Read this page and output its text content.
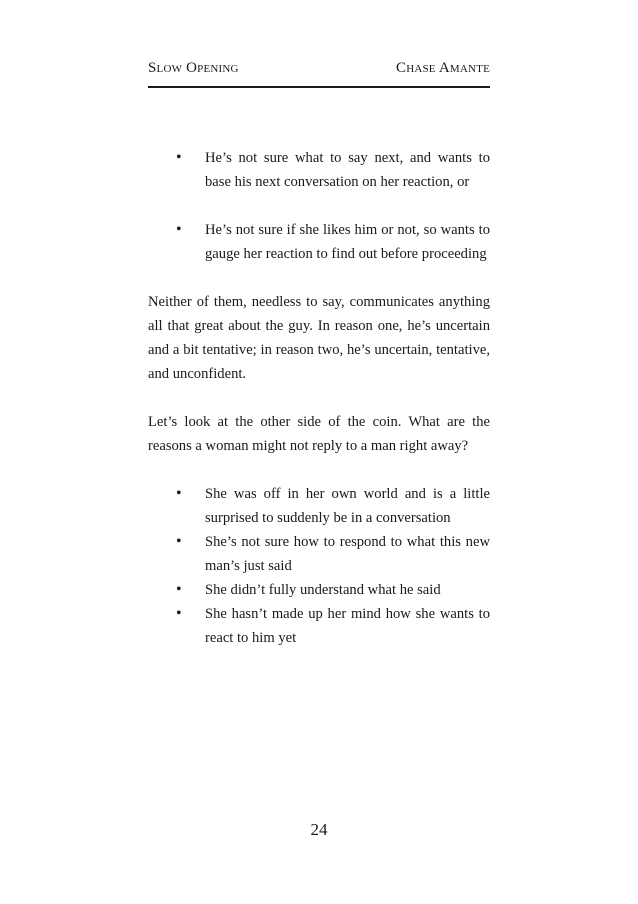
Slow Opening	Chase Amante
• He’s not sure what to say next, and wants to base his next conversation on her reaction, or
• He’s not sure if she likes him or not, so wants to gauge her reaction to find out before proceeding

Neither of them, needless to say, communicates anything all that great about the guy. In reason one, he’s uncertain and a bit tentative; in reason two, he’s uncertain, tentative, and unconfident.

Let’s look at the other side of the coin. What are the reasons a woman might not reply to a man right away?

• She was off in her own world and is a little surprised to suddenly be in a conversation
• She’s not sure how to respond to what this new man’s just said
• She didn’t fully understand what he said
• She hasn’t made up her mind how she wants to react to him yet
24
